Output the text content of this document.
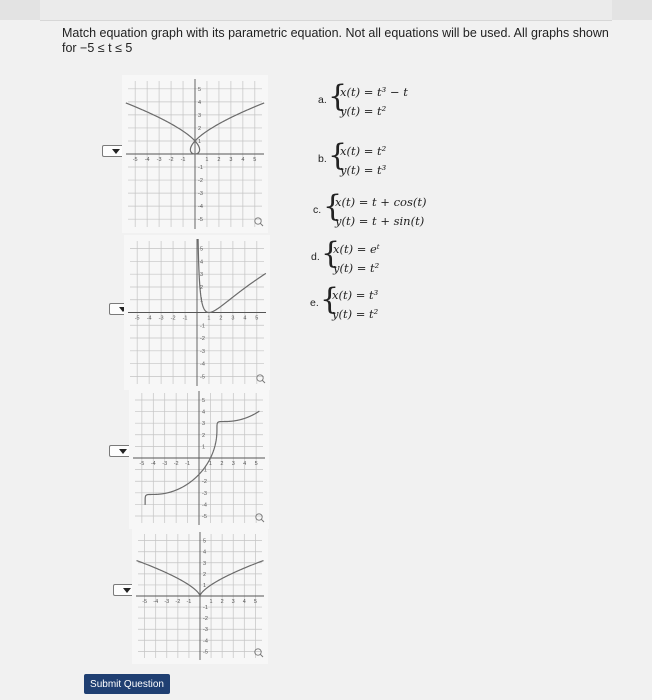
Match equation graph with its parametric equation. Not all equations will be used. All graphs shown
for −5 ≤ t ≤ 5
-5 -4 -3 -2 -1	1 2 3 4 5
5
4
3
2
1
-1
-2
-3
-4
-5
-5 -4 -3 -2 -1	1 2 3 4 5
5
4
3
2
1
-1
-2
-3
-4
-5
-5 -4 -3 -2 -1	1 2 3 4 5
5
4
3
2
1
-1
-2
-3
-4
-5
-5 -4 -3 -2 -1	1 2 3 4 5
5
4
3
2
1
-1
-2
-3
-4
-5
a. {
x(t) = t³ − t
y(t) = t²
b. {
x(t) = t²
y(t) = t³
c. {
x(t) = t + cos(t)
y(t) = t + sin(t)
d. {
x(t) = eᵗ
y(t) = t²
e. {
x(t) = t³
y(t) = t²
Submit Question
